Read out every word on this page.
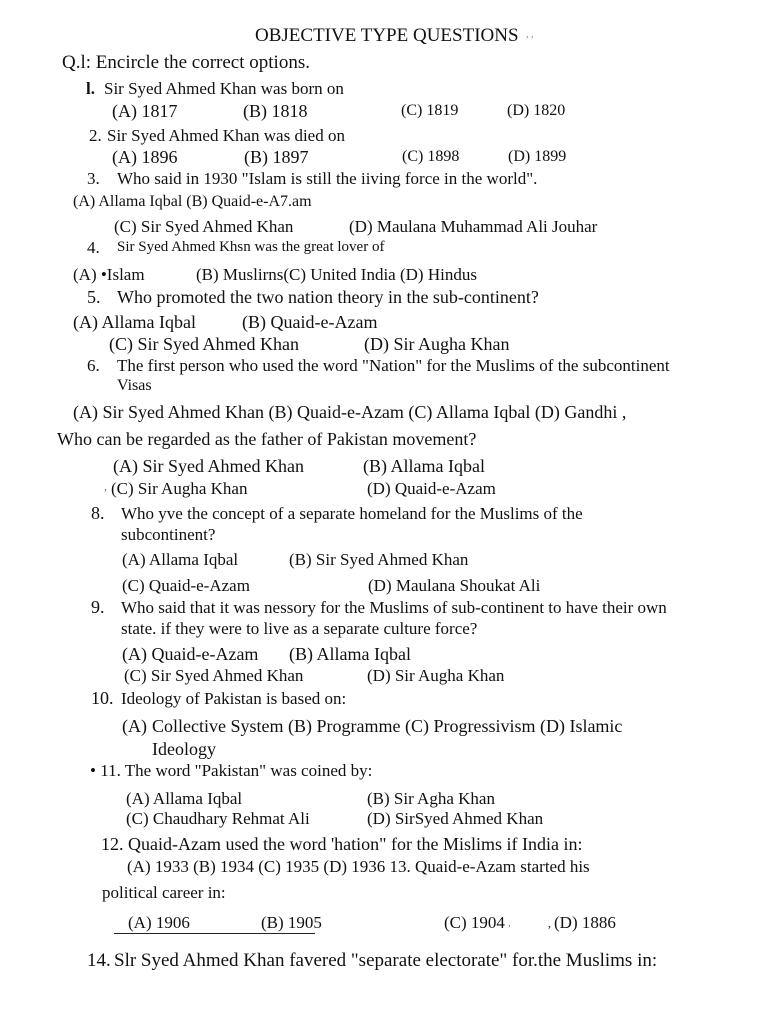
OBJECTIVE TYPE QUESTIONS , ,
Q.l: Encircle the correct options.
l. Sir Syed Ahmed Khan was born on
(A) 1817	(B) 1818	(C) 1819	(D) 1820
2. Sir Syed Ahmed Khan was died on
(A) 1896	(B) 1897	(C) 1898	(D) 1899
3. Who said in 1930 "Islam is still the iiving force in the world".
(A) Allama Iqbal (B) Quaid-e-A7.am
(C) Sir Syed Ahmed Khan	(D) Maulana Muhammad Ali Jouhar
4. Sir Syed Ahmed Khsn was the great lover of
(A) •Islam	(B) Muslirns(C) United India (D) Hindus
5. Who promoted the two nation theory in the sub-continent?
(A) Allama Iqbal	(B) Quaid-e-Azam
(C) Sir Syed Ahmed Khan	(D) Sir Augha Khan
6. The first person who used the word "Nation" for the Muslims of the subcontinent
Visas
(A) Sir Syed Ahmed Khan (B) Quaid-e-Azam (C) Allama Iqbal (D) Gandhi ,
Who can be regarded as the father of Pakistan movement?
(A) Sir Syed Ahmed Khan	(B) Allama Iqbal
, (C) Sir Augha Khan	(D) Quaid-e-Azam
8. Who yve the concept of a separate homeland for the Muslims of the
subcontinent?
(A) Allama Iqbal	(B) Sir Syed Ahmed Khan
(C) Quaid-e-Azam	(D) Maulana Shoukat Ali
9. Who said that it was nessory for the Muslims of sub-continent to have their own
state. if they were to live as a separate culture force?
(A) Quaid-e-Azam (B) Allama Iqbal
(C) Sir Syed Ahmed Khan	(D) Sir Augha Khan
10. Ideology of Pakistan is based on:
(A) Collective System (B) Programme (C) Progressivism (D) Islamic
Ideology
• 11. The word "Pakistan" was coined by:
(A) Allama Iqbal	(B) Sir Agha Khan
(C) Chaudhary Rehmat Ali	(D) SirSyed Ahmed Khan
12. Quaid-Azam used the word 'hation" for the Mislims if India in:
(A) 1933 (B) 1934 (C) 1935 (D) 1936 13. Quaid-e-Azam started his
political career in:
(A) 1906	(B) 1905	(C) 1904 ,	, (D) 1886
14. Slr Syed Ahmed Khan favered "separate electorate" for.the Muslims in:
